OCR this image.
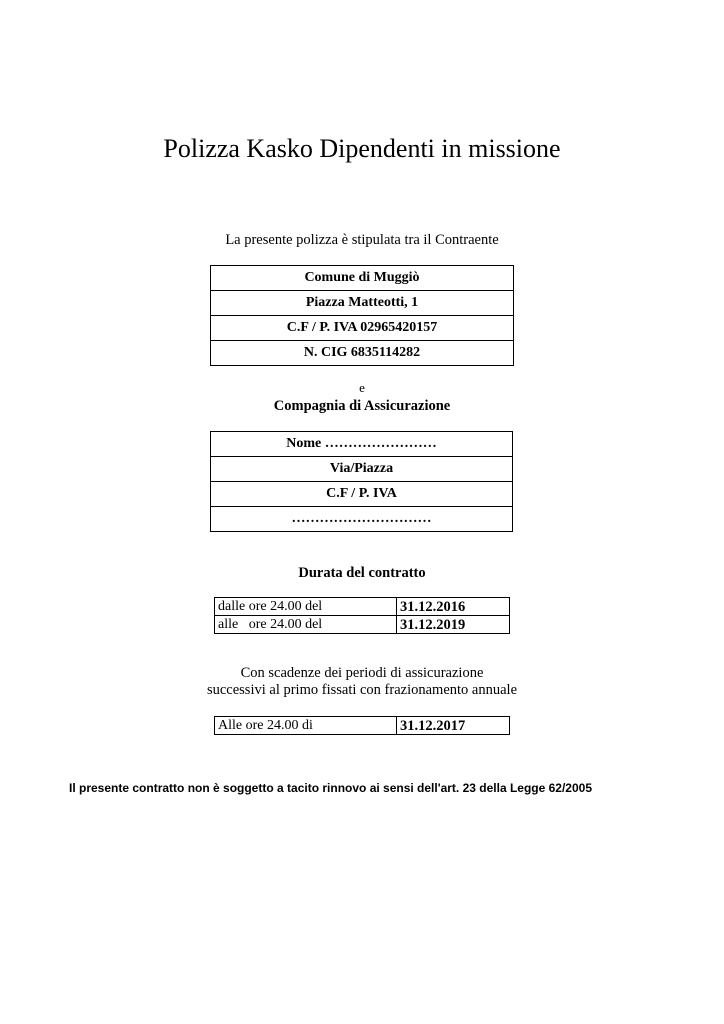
Polizza Kasko Dipendenti in missione
La presente polizza è stipulata tra il Contraente
Comune di Muggiò
Piazza Matteotti, 1
C.F / P. IVA 02965420157
N. CIG 6835114282
e
Compagnia di Assicurazione
Nome ……………………
Via/Piazza
C.F / P. IVA
…………………………
Durata del contratto
dalle ore 24.00 del	31.12.2016
alle   ore 24.00 del	31.12.2019
Con scadenze dei periodi di assicurazione
successivi al primo fissati con frazionamento annuale
Alle ore 24.00 di	31.12.2017
Il presente contratto non è soggetto a tacito rinnovo ai sensi dell'art. 23 della Legge 62/2005
